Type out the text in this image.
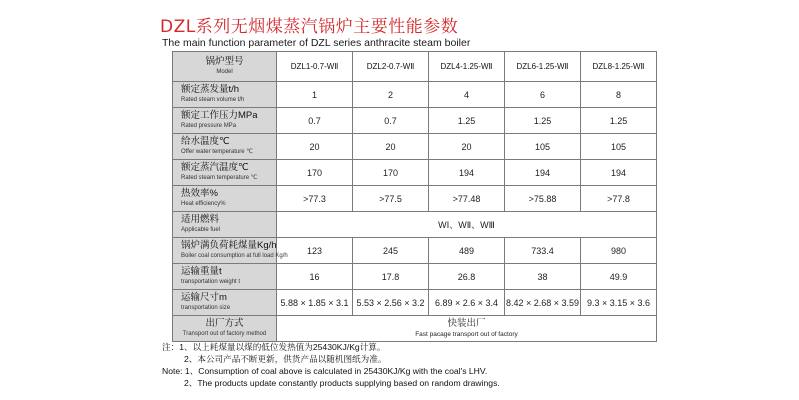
DZL系列无烟煤蒸汽锅炉主要性能参数
The main function parameter of DZL series anthracite steam boiler
锅炉型号
Model	DZL1-0.7-WⅡ	DZL2-0.7-WⅡ	DZL4-1.25-WⅡ	DZL6-1.25-WⅡ	DZL8-1.25-WⅡ

额定蒸发量t/h
Rated steam volume t/h	1	2	4	6	8

额定工作压力MPa
Rated pressure MPa	0.7	0.7	1.25	1.25	1.25

给水温度℃
Offer water temperature ℃	20	20	20	105	105

额定蒸汽温度℃
Rated steam temperature ℃	170	170	194	194	194

热效率%
Heat efficiency%	>77.3	>77.5	>77.48	>75.88	>77.8

适用燃料
Applicable fuel	WⅠ、WⅡ、WⅢ				

锅炉满负荷耗煤量Kg/h
Boiler coal consumption at full load Kg/h	123	245	489	733.4	980

运输重量t
transportation weight t	16	17.8	26.8	38	49.9

运输尺寸m
transportation size	5.88 × 1.85 × 3.1	5.53 × 2.56 × 3.2	6.89 × 2.6 × 3.4	8.42 × 2.68 × 3.59	9.3 × 3.15 × 3.6

出厂方式
Transport out of factory method	快装出厂
Fast pacage transport out of factory				
注：1、以上耗煤量以煤的低位发热值为25430KJ/Kg计算。
2、本公司产品不断更新，供货产品以随机图纸为准。
Note: 1、Consumption of coal above is calculated in 25430KJ/Kg with the coal's LHV.
2、The products update constantly products supplying based on random drawings.
